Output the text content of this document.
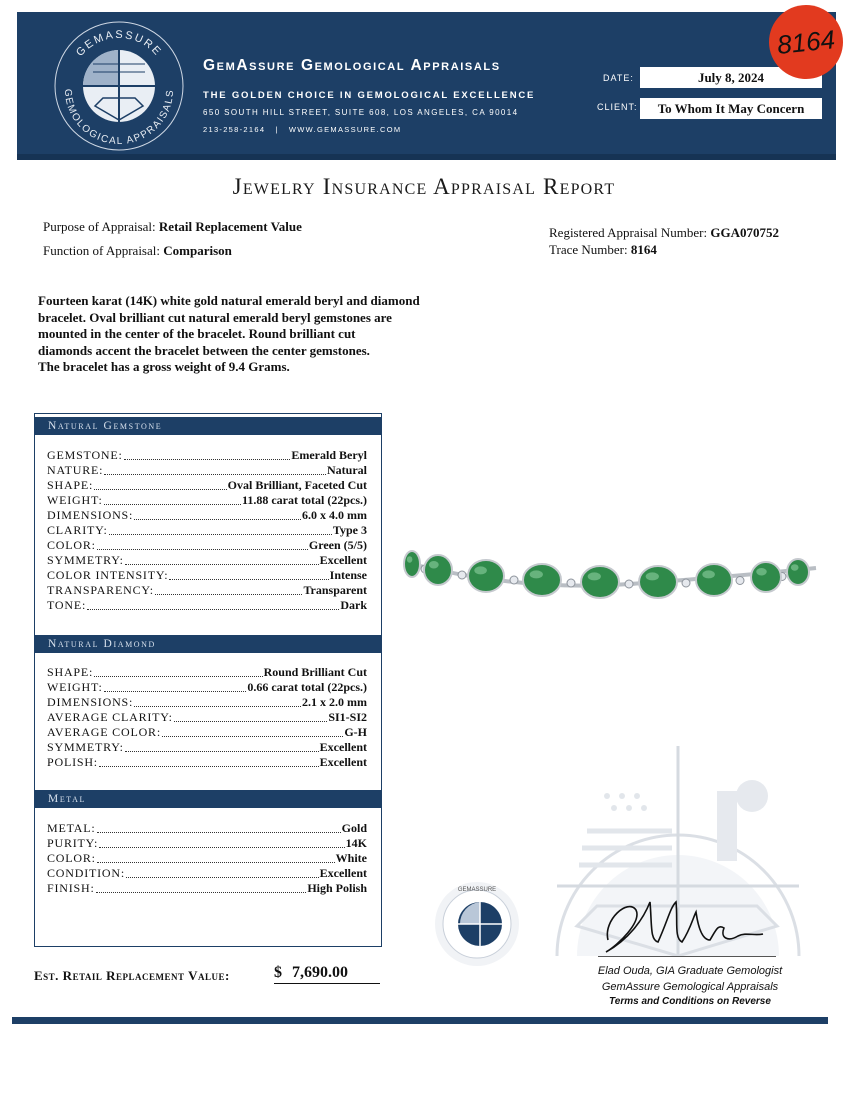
GEMASSURE
GEMOLOGICAL APPRAISALS
GemAssure Gemological Appraisals
THE GOLDEN CHOICE IN GEMOLOGICAL EXCELLENCE
650 SOUTH HILL STREET, SUITE 608, LOS ANGELES, CA 90014
213-258-2164 | WWW.GEMASSURE.COM
DATE:	July 8, 2024
CLIENT:	To Whom It May Concern
8164
Jewelry Insurance Appraisal Report
Purpose of Appraisal: Retail Replacement Value
Function of Appraisal: Comparison
Registered Appraisal Number: GGA070752
Trace Number: 8164
Fourteen karat (14K) white gold natural emerald beryl and diamond
bracelet. Oval brilliant cut natural emerald beryl gemstones are
mounted in the center of the bracelet. Round brilliant cut
diamonds accent the bracelet between the center gemstones.
The bracelet has a gross weight of 9.4 Grams.
Natural Gemstone
GEMSTONE:	Emerald Beryl
NATURE:	Natural
SHAPE:	Oval Brilliant, Faceted Cut
WEIGHT:	11.88 carat total (22pcs.)
DIMENSIONS:	6.0 x 4.0 mm
CLARITY:	Type 3
COLOR:	Green (5/5)
SYMMETRY:	Excellent
COLOR INTENSITY:	Intense
TRANSPARENCY:	Transparent
TONE:	Dark
Natural Diamond
SHAPE:	Round Brilliant Cut
WEIGHT:	0.66 carat total (22pcs.)
DIMENSIONS:	2.1 x 2.0 mm
AVERAGE CLARITY:	SI1-SI2
AVERAGE COLOR:	G-H
SYMMETRY:	Excellent
POLISH:	Excellent
Metal
METAL:	Gold
PURITY:	14K
COLOR:	White
CONDITION:	Excellent
FINISH:	High Polish	GEMASSURE
Elad Ouda, GIA Graduate Gemologist
GemAssure Gemological Appraisals
Terms and Conditions on Reverse
Est. Retail Replacement Value:	$ 7,690.00
